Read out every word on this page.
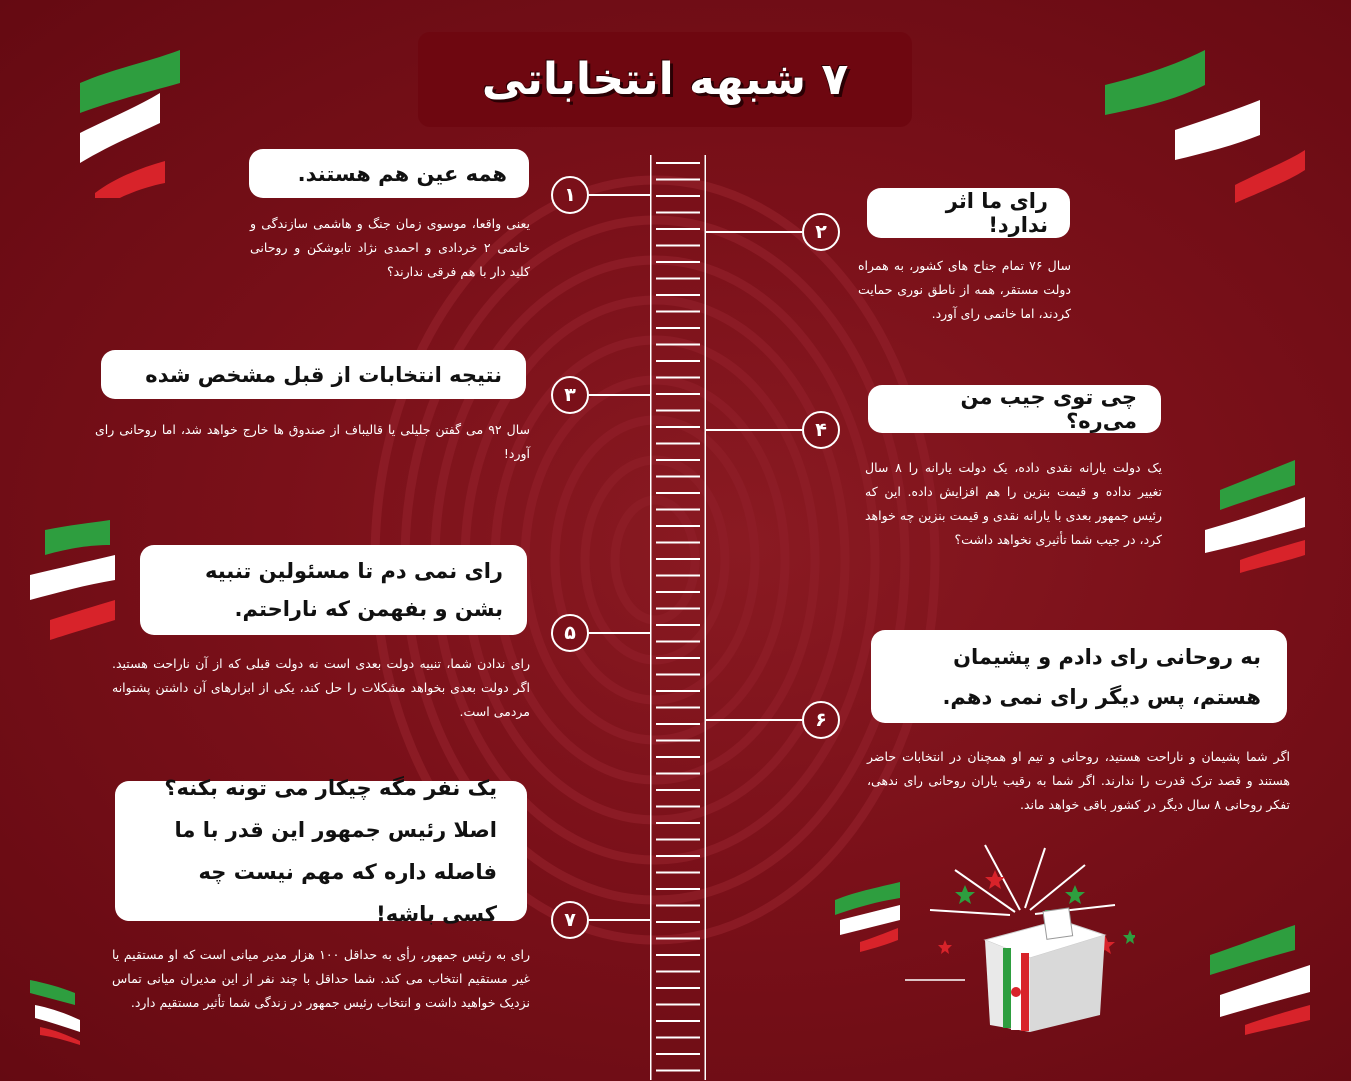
۷ شبهه انتخاباتی
۱
همه عین هم هستند.
یعنی واقعا، موسوی زمان جنگ و هاشمی سازندگی و خاتمی ۲ خردادی و احمدی نژاد تابوشکن و روحانی کلید دار با هم فرقی ندارند؟
۲
رای ما اثر ندارد!
سال ۷۶ تمام جناح های کشور، به همراه دولت مستقر، همه از ناطق نوری حمایت کردند، اما خاتمی رای آورد.
۳
نتیجه انتخابات از قبل مشخص شده
سال ۹۲ می گفتن جلیلی یا قالیباف از صندوق ها خارج خواهد شد، اما روحانی رای آورد!
۴
چی توی جیب من می‌ره؟
یک دولت یارانه نقدی داده، یک دولت یارانه را ۸ سال تغییر نداده و قیمت بنزین را هم افزایش داده. این که رئیس جمهور بعدی با یارانه نقدی و قیمت بنزین چه خواهد کرد، در جیب شما تأثیری نخواهد داشت؟
۵
رای نمی دم تا مسئولین تنبیه بشن و بفهمن که ناراحتم.
رای ندادن شما، تنبیه دولت بعدی است نه دولت قبلی که از آن ناراحت هستید. اگر دولت بعدی بخواهد مشکلات را حل کند، یکی از ابزارهای آن داشتن پشتوانه مردمی است.	۶
به روحانی رای دادم و پشیمان هستم، پس دیگر رای نمی دهم.
اگر شما پشیمان و ناراحت هستید، روحانی و تیم او همچنان در انتخابات حاضر هستند و قصد ترک قدرت را ندارند. اگر شما به رقیب یاران روحانی رای ندهی، تفکر روحانی ۸ سال دیگر در کشور باقی خواهد ماند.
۷
یک نفر مگه چیکار می تونه بکنه؟ اصلا رئیس جمهور این قدر با ما فاصله داره که مهم نیست چه کسی باشه!
رای به رئیس جمهور، رأی به حداقل ۱۰۰ هزار مدیر میانی است که او مستقیم یا غیر مستقیم انتخاب می کند. شما حداقل با چند نفر از این مدیران میانی تماس نزدیک خواهید داشت و انتخاب رئیس جمهور در زندگی شما تأثیر مستقیم دارد.
